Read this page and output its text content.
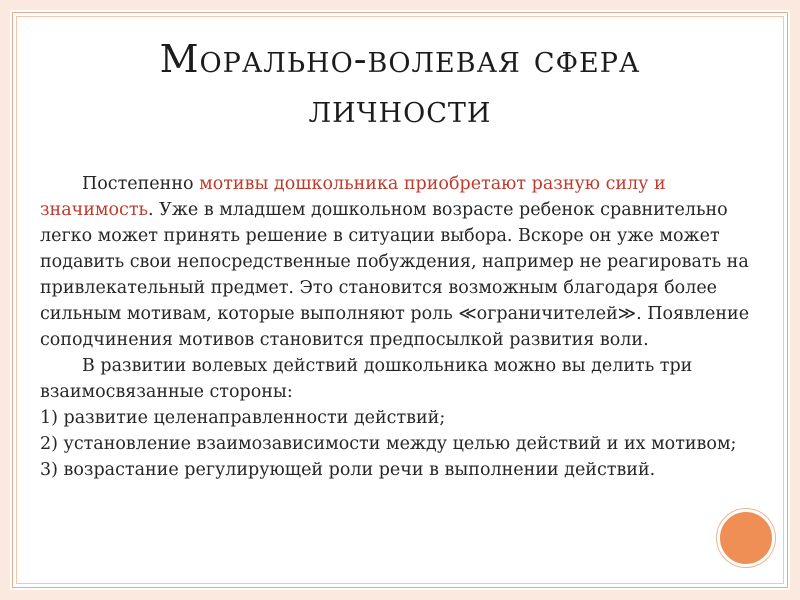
Морально-волевая сфера
личности

Постепенно мотивы дошкольника приобретают разную силу и значимость. Уже в младшем дошкольном возрасте ребенок сравнительно легко может принять решение в ситуации выбора. Вскоре он уже может подавить свои непосредственные побуждения, например не реагировать на привлекательный предмет. Это становится возможным благодаря более сильным мотивам, которые выполняют роль ≪ограничителей≫. Появление соподчинения мотивов становится предпосылкой развития воли.

В развитии волевых действий дошкольника можно вы делить три взаимосвязанные стороны:

1) развитие целенаправленности действий;

2) установление взаимозависимости между целью действий и их мотивом;

3) возрастание регулирующей роли речи в выполнении действий.
